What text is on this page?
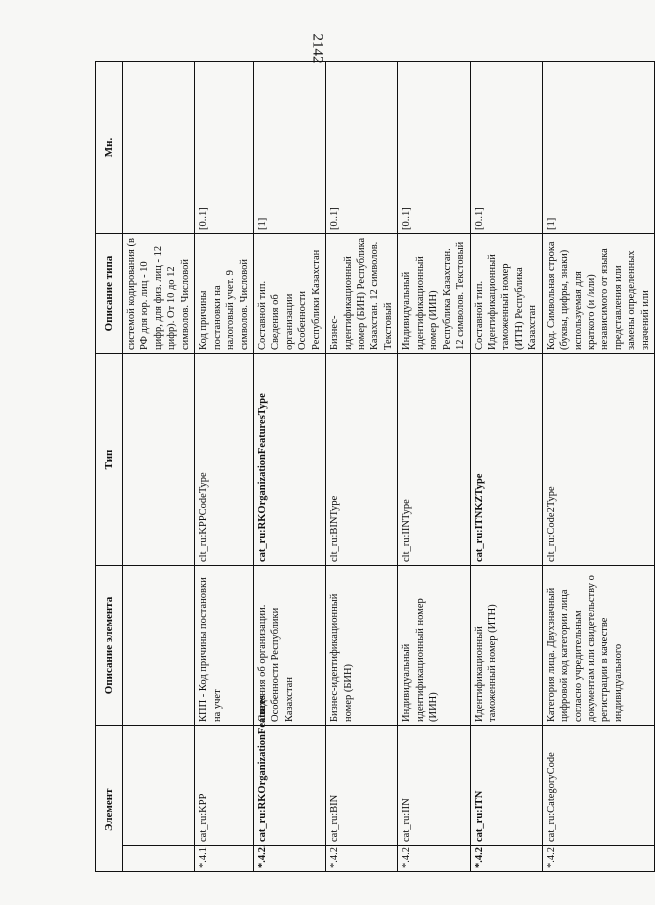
2142
Элемент		Описание элемента	Тип	Описание типа	Мн.
				системой кодирования (в РФ для юр. лиц - 10 цифр, для физ. лиц - 12 цифр). От 10 до 12 символов. Числовой	
*.4.1	cat_ru:KPP	КПП - Код причины постановки на учет	clt_ru:KPPCodeType	Код причины постановки на налоговый учет. 9 символов. Числовой	[0..1]
*.4.2.	cat_ru:RKOrganizationFeatures	Сведения об организации. Особенности Республики Казахстан	cat_ru:RKOrganizationFeaturesType	Составной тип. Сведения об организации Особенности Республики Казахстан	[1]
*.4.2	cat_ru:BIN	Бизнес-идентификационный номер (БИН)	clt_ru:BINType	Бизнес-идентификационный номер (БИН) Республика Казахстан. 12 символов. Текстовый	[0..1]
*.4.2	cat_ru:IIN	Индивидуальный идентификационный номер (ИИН)	clt_ru:IINType	Индивидуальный идентификационный номер (ИИН) Республика Казахстан. 12 символов. Текстовый	[0..1]
*.4.2	cat_ru:ITN	Идентификационный таможенный номер (ИТН)	cat_ru:ITNKZType	Составной тип. Идентификационный таможенный номер (ИТН) Республика Казахстан	[0..1]
*.4.2	cat_ru:CategoryCode	Категория лица. Двухзначный цифровой код категории лица согласно учредительным документам или свидетельству о регистрации в качестве индивидуального	clt_ru:Code2Type	Код. Символьная строка (буквы, цифры, знаки) используемая для краткого (и /или) независимого от языка представления или замены определенных значений или	[1]
